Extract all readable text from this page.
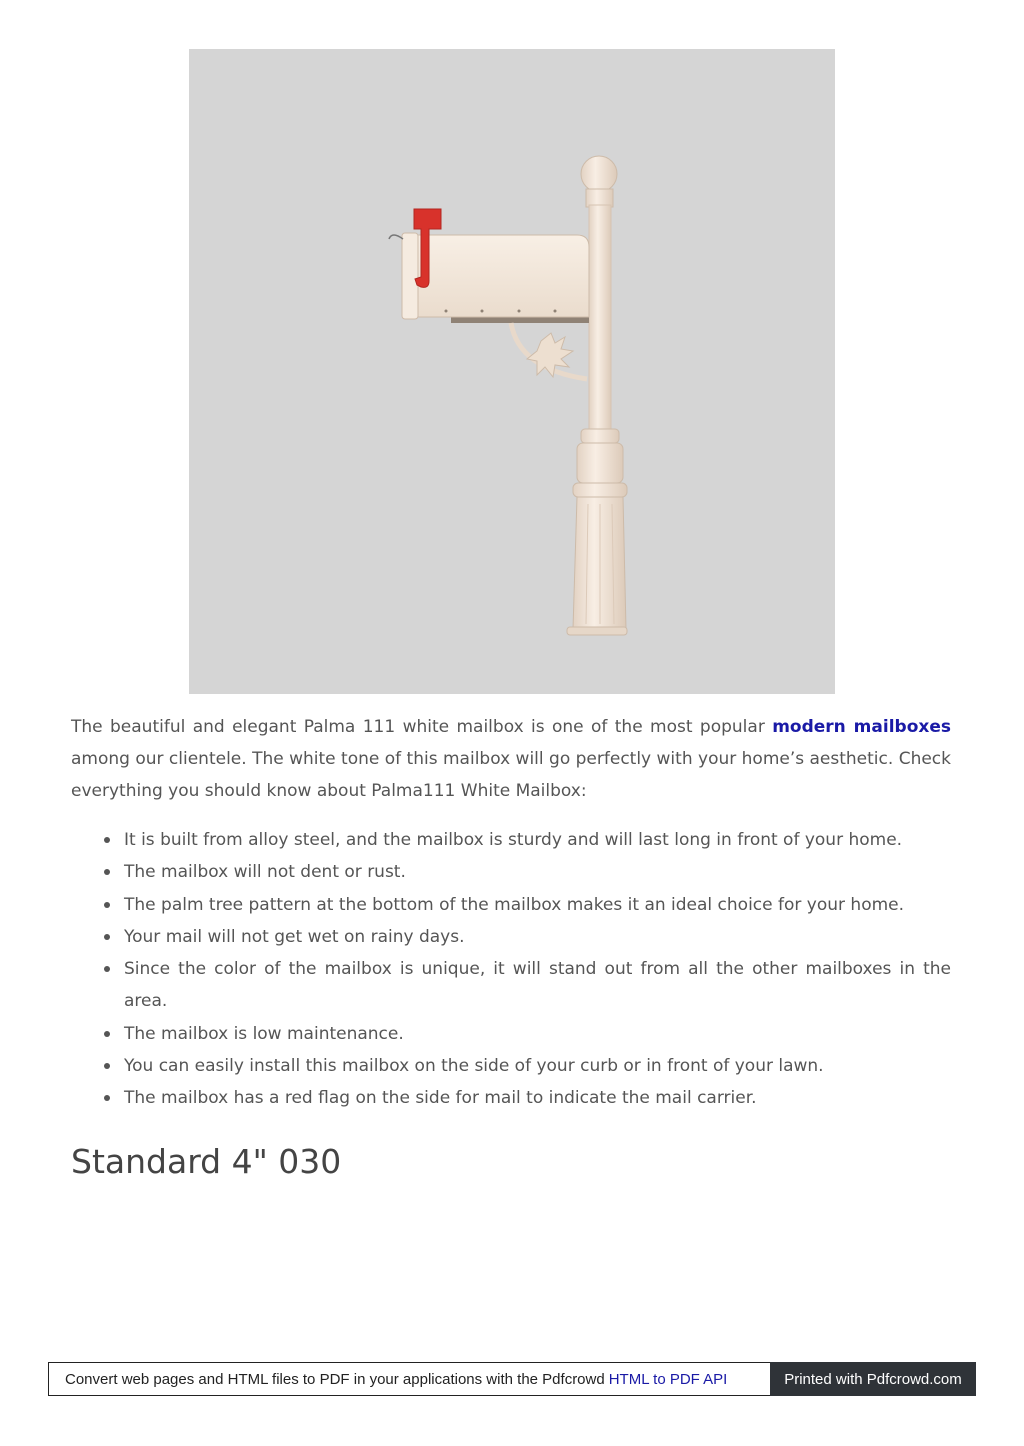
The beautiful and elegant Palma 111 white mailbox is one of the most popular modern mailboxes among our clientele. The white tone of this mailbox will go perfectly with your home’s aesthetic. Check everything you should know about Palma111 White Mailbox:

It is built from alloy steel, and the mailbox is sturdy and will last long in front of your home.
The mailbox will not dent or rust.
The palm tree pattern at the bottom of the mailbox makes it an ideal choice for your home.
Your mail will not get wet on rainy days.
Since the color of the mailbox is unique, it will stand out from all the other mailboxes in the area.
The mailbox is low maintenance.
You can easily install this mailbox on the side of your curb or in front of your lawn.
The mailbox has a red flag on the side for mail to indicate the mail carrier.
Standard 4" 030
Convert web pages and HTML files to PDF in your applications with the Pdfcrowd HTML to PDF API	Printed with Pdfcrowd.com
